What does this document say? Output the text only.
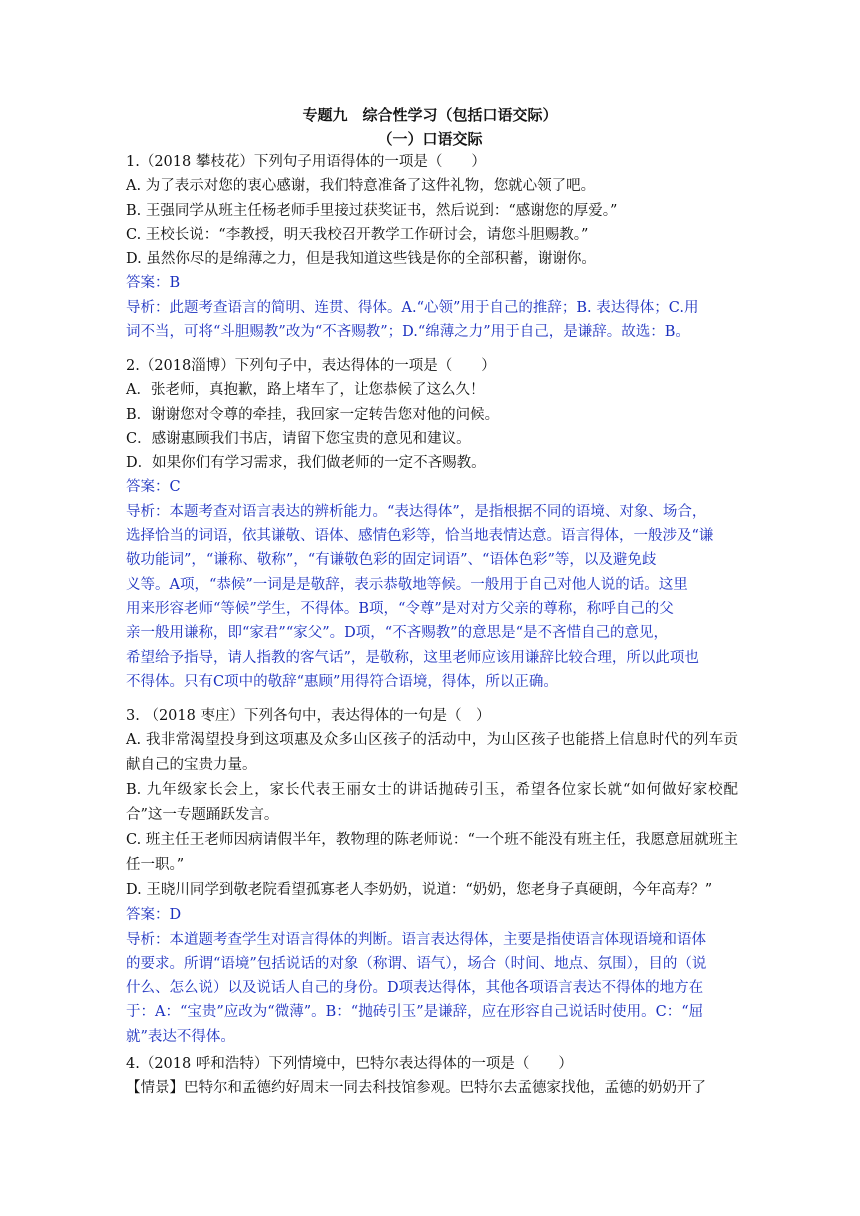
专题九　综合性学习（包括口语交际）
（一）口语交际
1.（2018 攀枝花）下列句子用语得体的一项是（　　）
A. 为了表示对您的衷心感谢，我们特意准备了这件礼物，您就心领了吧。
B. 王强同学从班主任杨老师手里接过获奖证书，然后说到：“感谢您的厚爱。”
C. 王校长说：“李教授，明天我校召开教学工作研讨会，请您斗胆赐教。”
D. 虽然你尽的是绵薄之力，但是我知道这些钱是你的全部积蓄，谢谢你。
答案：B
导析：此题考查语言的简明、连贯、得体。A.“心领”用于自己的推辞；B. 表达得体；C.用
词不当，可将“斗胆赐教”改为“不吝赐教”；D.“绵薄之力”用于自己，是谦辞。故选：B。
2.（2018淄博）下列句子中，表达得体的一项是（　　）
A．张老师，真抱歉，路上堵车了，让您恭候了这么久！
B．谢谢您对令尊的牵挂，我回家一定转告您对他的问候。
C．感谢惠顾我们书店，请留下您宝贵的意见和建议。
D．如果你们有学习需求，我们做老师的一定不吝赐教。
答案：C
导析：本题考查对语言表达的辨析能力。“表达得体”，是指根据不同的语境、对象、场合，
选择恰当的词语，依其谦敬、语体、感情色彩等，恰当地表情达意。语言得体，一般涉及“谦
敬功能词”，“谦称、敬称”，“有谦敬色彩的固定词语”、“语体色彩”等，以及避免歧
义等。A项，“恭候”一词是是敬辞，表示恭敬地等候。一般用于自己对他人说的话。这里
用来形容老师“等候”学生，不得体。B项，“令尊”是对对方父亲的尊称，称呼自己的父
亲一般用谦称，即“家君”“家父”。D项，“不吝赐教”的意思是“是不吝惜自己的意见，
希望给予指导，请人指教的客气话”，是敬称，这里老师应该用谦辞比较合理，所以此项也
不得体。只有C项中的敬辞“惠顾”用得符合语境，得体，所以正确。
3. （2018 枣庄）下列各句中，表达得体的一句是（　）
A. 我非常渴望投身到这项惠及众多山区孩子的活动中，为山区孩子也能搭上信息时代的列车贡献自己的宝贵力量。
B. 九年级家长会上，家长代表王丽女士的讲话抛砖引玉，希望各位家长就“如何做好家校配合”这一专题踊跃发言。
C. 班主任王老师因病请假半年，教物理的陈老师说：“一个班不能没有班主任，我愿意屈就班主任一职。”
D. 王晓川同学到敬老院看望孤寡老人李奶奶，说道：“奶奶，您老身子真硬朗，今年高寿？”
答案：D
导析：本道题考查学生对语言得体的判断。语言表达得体，主要是指使语言体现语境和语体
的要求。所谓“语境”包括说话的对象（称谓、语气），场合（时间、地点、氛围），目的（说
什么、怎么说）以及说话人自己的身份。D项表达得体，其他各项语言表达不得体的地方在
于：A：“宝贵”应改为“微薄”。B：“抛砖引玉”是谦辞，应在形容自己说话时使用。C：“屈
就”表达不得体。
4.（2018 呼和浩特）下列情境中，巴特尔表达得体的一项是（　　）
【情景】巴特尔和孟德约好周末一同去科技馆参观。巴特尔去孟德家找他，孟德的奶奶开了
